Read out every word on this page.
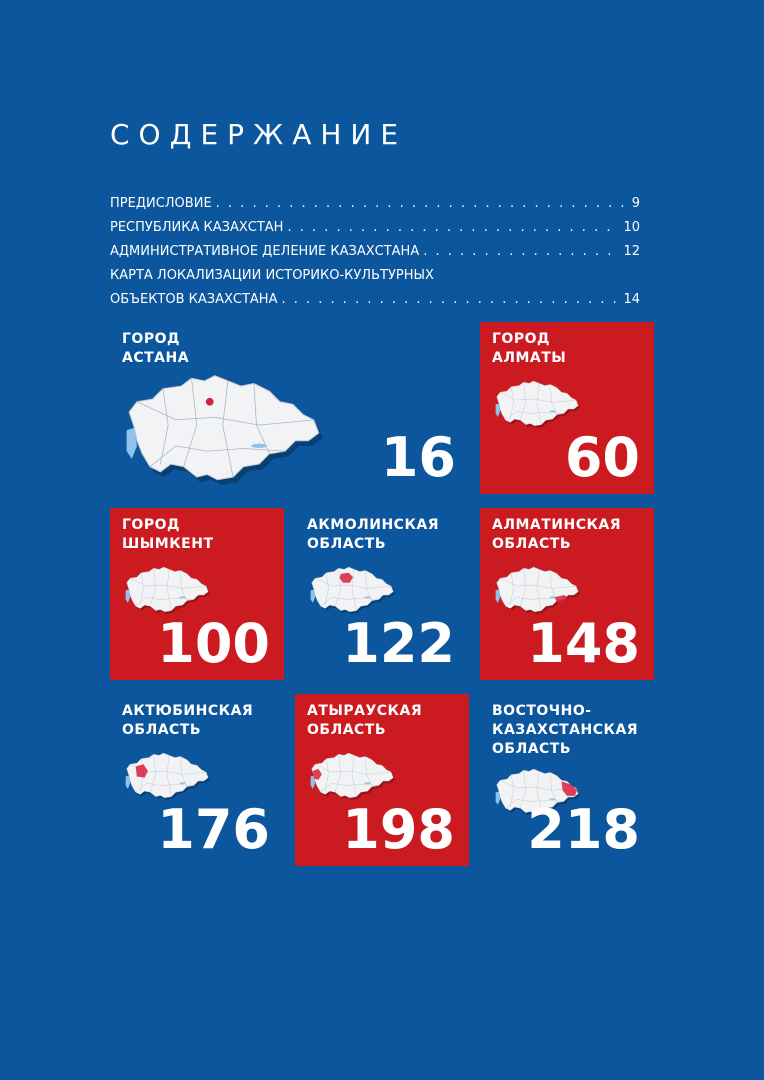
СОДЕРЖАНИЕ
ПРЕДИСЛОВИЕ . . .	9
РЕСПУБЛИКА КАЗАХСТАН . . .	10
АДМИНИСТРАТИВНОЕ ДЕЛЕНИЕ КАЗАХСТАНА . . .	12
КАРТА ЛОКАЛИЗАЦИИ ИСТОРИКО-КУЛЬТУРНЫХ
ОБЪЕКТОВ КАЗАХСТАНА . . .	14
ГОРОД
АСТАНА
16
ГОРОД
АЛМАТЫ
60
ГОРОД
ШЫМКЕНТ
100
АКМОЛИНСКАЯ
ОБЛАСТЬ
122
АЛМАТИНСКАЯ
ОБЛАСТЬ
148
АКТЮБИНСКАЯ
ОБЛАСТЬ
176
АТЫРАУСКАЯ
ОБЛАСТЬ
198
ВОСТОЧНО-
КАЗАХСТАНСКАЯ
ОБЛАСТЬ
218
